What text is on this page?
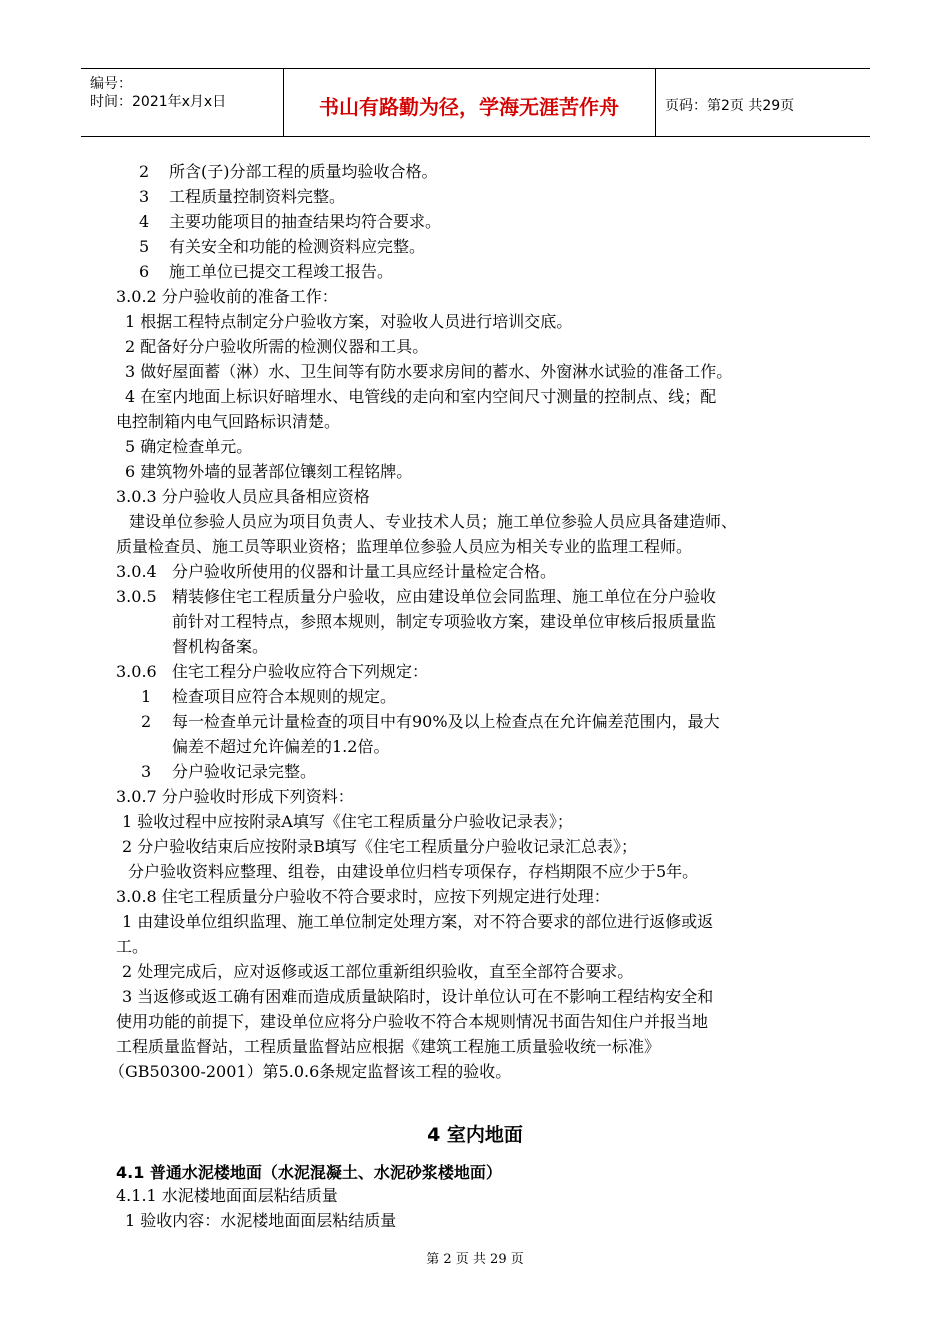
编号：
时间：2021年x月x日	书山有路勤为径，学海无涯苦作舟	页码：第2页 共29页
2 所含(子)分部工程的质量均验收合格。
3 工程质量控制资料完整。
4 主要功能项目的抽查结果均符合要求。
5 有关安全和功能的检测资料应完整。
6 施工单位已提交工程竣工报告。
3.0.2 分户验收前的准备工作：
1 根据工程特点制定分户验收方案，对验收人员进行培训交底。
2 配备好分户验收所需的检测仪器和工具。
3 做好屋面蓄（淋）水、卫生间等有防水要求房间的蓄水、外窗淋水试验的准备工作。
4 在室内地面上标识好暗埋水、电管线的走向和室内空间尺寸测量的控制点、线；配
电控制箱内电气回路标识清楚。
5 确定检查单元。
6 建筑物外墙的显著部位镶刻工程铭牌。
3.0.3 分户验收人员应具备相应资格
建设单位参验人员应为项目负责人、专业技术人员；施工单位参验人员应具备建造师、
质量检查员、施工员等职业资格；监理单位参验人员应为相关专业的监理工程师。
3.0.4 分户验收所使用的仪器和计量工具应经计量检定合格。
3.0.5 精装修住宅工程质量分户验收，应由建设单位会同监理、施工单位在分户验收
前针对工程特点，参照本规则，制定专项验收方案，建设单位审核后报质量监
督机构备案。
3.0.6 住宅工程分户验收应符合下列规定：
1 检查项目应符合本规则的规定。
2 每一检查单元计量检查的项目中有90%及以上检查点在允许偏差范围内，最大
偏差不超过允许偏差的1.2倍。
3 分户验收记录完整。
3.0.7 分户验收时形成下列资料：
1 验收过程中应按附录A填写《住宅工程质量分户验收记录表》；
2 分户验收结束后应按附录B填写《住宅工程质量分户验收记录汇总表》；
分户验收资料应整理、组卷，由建设单位归档专项保存，存档期限不应少于5年。
3.0.8 住宅工程质量分户验收不符合要求时，应按下列规定进行处理：
1 由建设单位组织监理、施工单位制定处理方案，对不符合要求的部位进行返修或返
工。
2 处理完成后，应对返修或返工部位重新组织验收，直至全部符合要求。
3 当返修或返工确有困难而造成质量缺陷时，设计单位认可在不影响工程结构安全和
使用功能的前提下，建设单位应将分户验收不符合本规则情况书面告知住户并报当地
工程质量监督站，工程质量监督站应根据《建筑工程施工质量验收统一标准》
（GB50300-2001）第5.0.6条规定监督该工程的验收。
4 室内地面
4.1 普通水泥楼地面（水泥混凝土、水泥砂浆楼地面）
4.1.1 水泥楼地面面层粘结质量
1 验收内容：水泥楼地面面层粘结质量
第 2 页 共 29 页
